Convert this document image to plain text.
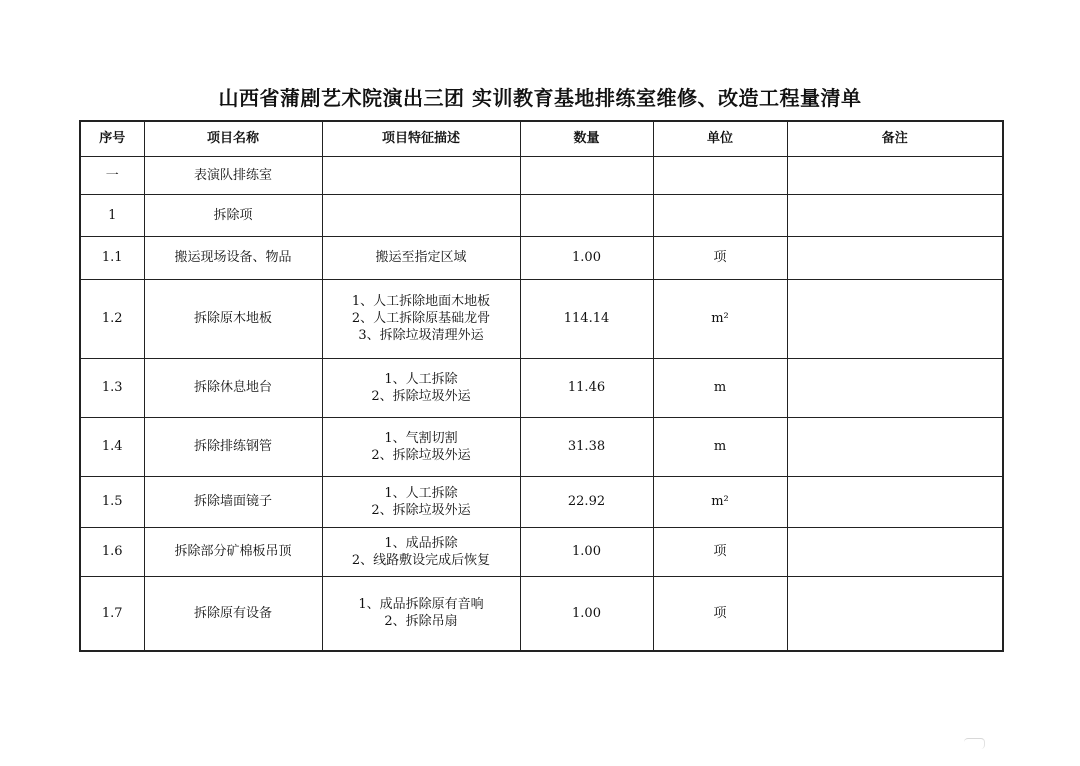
山西省蒲剧艺术院演出三团 实训教育基地排练室维修、改造工程量清单
序号	项目名称	项目特征描述	数量	单位	备注
一	表演队排练室				
1	拆除项				
1.1	搬运现场设备、物品	搬运至指定区域	1.00	项	
1.2	拆除原木地板	1、人工拆除地面木地板
2、人工拆除原基础龙骨
3、拆除垃圾清理外运	114.14	m²	
1.3	拆除休息地台	1、人工拆除
2、拆除垃圾外运	11.46	m	
1.4	拆除排练钢管	1、气割切割
2、拆除垃圾外运	31.38	m	
1.5	拆除墙面镜子	1、人工拆除
2、拆除垃圾外运	22.92	m²	
1.6	拆除部分矿棉板吊顶	1、成品拆除
2、线路敷设完成后恢复	1.00	项	
1.7	拆除原有设备	1、成品拆除原有音响
2、拆除吊扇	1.00	项	
